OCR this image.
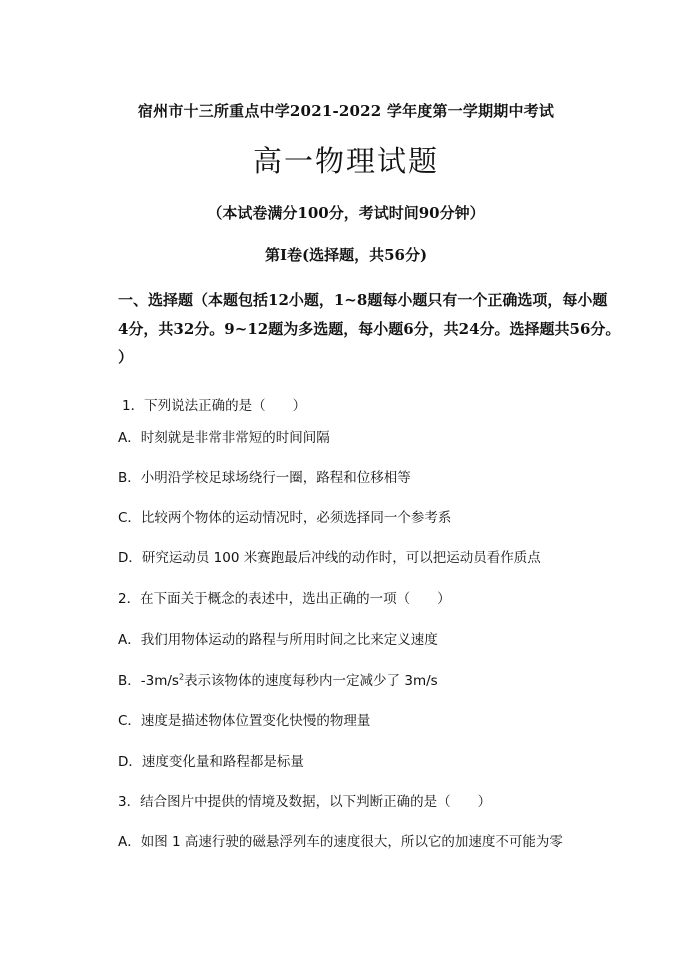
宿州市十三所重点中学2021-2022 学年度第一学期期中考试
高一物理试题
（本试卷满分100分，考试时间90分钟）
第Ⅰ卷(选择题，共56分)

一、选择题（本题包括12小题，1~8题每小题只有一个正确选项，每小题

4分，共32分。9~12题为多选题，每小题6分，共24分。选择题共56分。

）

1．下列说法正确的是（　　）
A．时刻就是非常非常短的时间间隔
B．小明沿学校足球场绕行一圈，路程和位移相等
C．比较两个物体的运动情况时，必须选择同一个参考系
D．研究运动员 100 米赛跑最后冲线的动作时，可以把运动员看作质点
2．在下面关于概念的表述中，选出正确的一项（　　）
A．我们用物体运动的路程与所用时间之比来定义速度
B．$-3m/s^2$表示该物体的速度每秒内一定减少了 3m/s
C．速度是描述物体位置变化快慢的物理量
D．速度变化量和路程都是标量
3．结合图片中提供的情境及数据，以下判断正确的是（　　）
A．如图 1 高速行驶的磁悬浮列车的速度很大，所以它的加速度不可能为零
